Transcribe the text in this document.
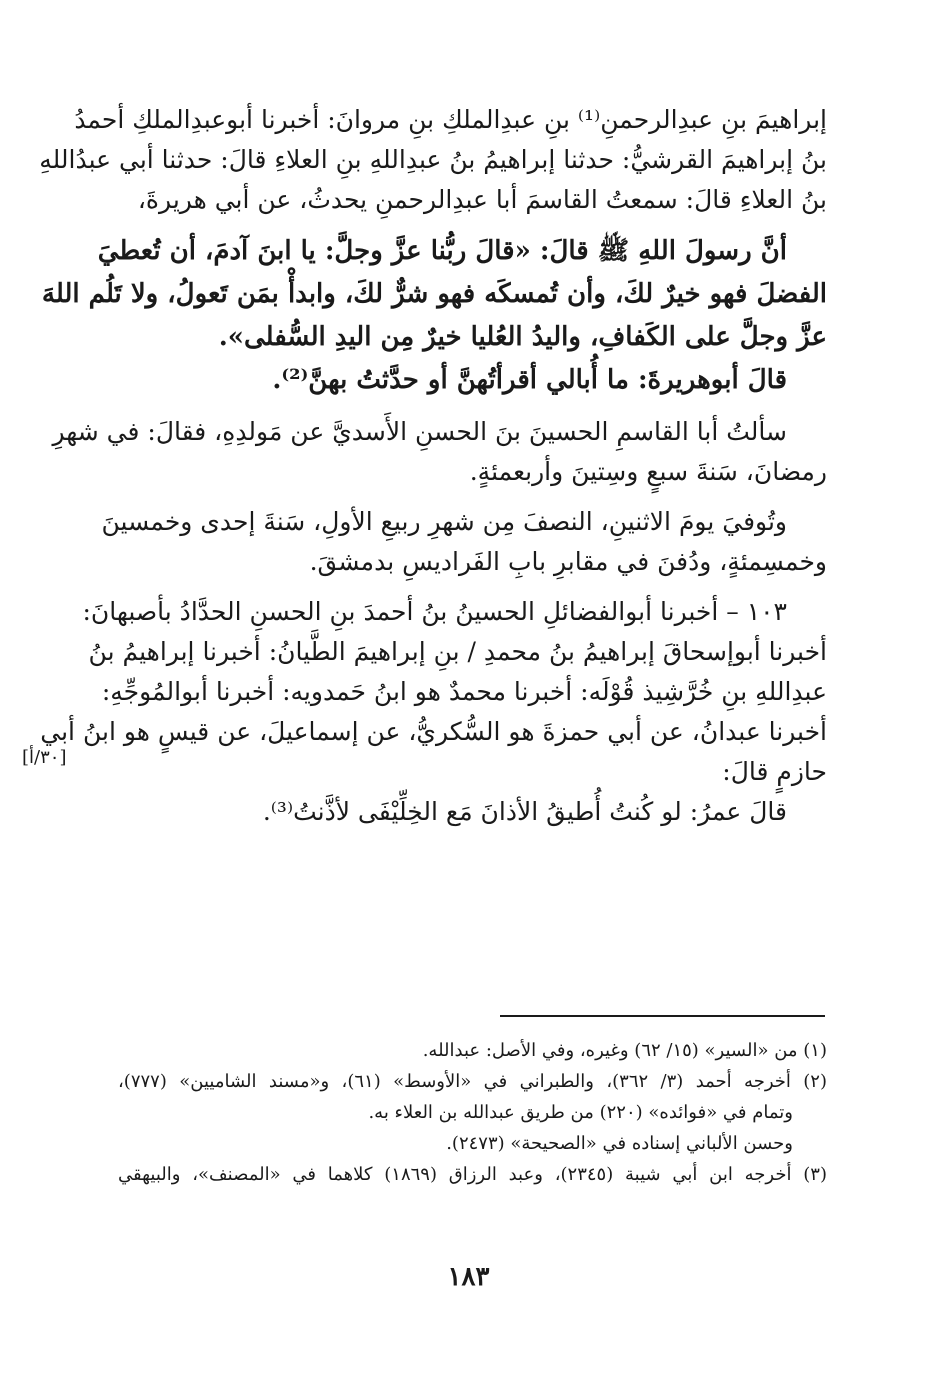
إبراهيمَ بنِ عبدِالرحمنِ⁽¹⁾ بنِ عبدِالملكِ بنِ مروانَ: أخبرنا أبوعبدِالملكِ أحمدُ
بنُ إبراهيمَ القرشيُّ: حدثنا إبراهيمُ بنُ عبدِاللهِ بنِ العلاءِ قالَ: حدثنا أبي عبدُاللهِ
بنُ العلاءِ قالَ: سمعتُ القاسمَ أبا عبدِالرحمنِ يحدثُ، عن أبي هريرةَ،
أنَّ رسولَ اللهِ ﷺ قالَ: «قالَ ربُّنا عزَّ وجلَّ: يا ابنَ آدمَ، أن تُعطيَ
الفضلَ فهو خيرٌ لكَ، وأن تُمسكَه فهو شرٌّ لكَ، وابدأْ بمَن تَعولُ، ولا تَلُم اللهَ
عزَّ وجلَّ على الكَفافِ، واليدُ العُليا خيرٌ مِن اليدِ السُّفلى».
قالَ أبوهريرةَ: ما أُبالي أقرأتُهنَّ أو حدَّثتُ بهنَّ⁽²⁾.
سألتُ أبا القاسمِ الحسينَ بنَ الحسنِ الأَسديَّ عن مَولدِهِ، فقالَ: في شهرِ
رمضانَ، سَنةَ سبعٍ وسِتينَ وأربعمئةٍ.
وتُوفيَ يومَ الاثنينِ، النصفَ مِن شهرِ ربيعِ الأولِ، سَنةَ إحدى وخمسينَ
وخمسِمئةٍ، ودُفنَ في مقابرِ بابِ الفَراديسِ بدمشقَ.
١٠٣ – أخبرنا أبوالفضائلِ الحسينُ بنُ أحمدَ بنِ الحسنِ الحدَّادُ بأصبهانَ:
أخبرنا أبوإسحاقَ إبراهيمُ بنُ محمدِ / بنِ إبراهيمَ الطَّيانُ: أخبرنا إبراهيمُ بنُ
عبدِاللهِ بنِ خُرَّشِيذ قُوْلَه: أخبرنا محمدٌ هو ابنُ حَمدويه: أخبرنا أبوالمُوجِّهِ:
أخبرنا عبدانُ، عن أبي حمزةَ هو السُّكريُّ، عن إسماعيلَ، عن قيسٍ هو ابنُ أبي
حازمٍ قالَ:
قالَ عمرُ: لو كُنتُ أُطيقُ الأذانَ مَع الخِلِّيْفَى لأذَّنتُ⁽³⁾.
[٣٠/أ]
(١) من «السير» (١٥/ ٦٢) وغيره، وفي الأصل: عبدالله.
(٢) أخرجه أحمد (٣/ ٣٦٢)، والطبراني في «الأوسط» (٦١)، و«مسند الشاميين» (٧٧٧)،
وتمام في «فوائده» (٢٢٠) من طريق عبدالله بن العلاء به.
وحسن الألباني إسناده في «الصحيحة» (٢٤٧٣).
(٣) أخرجه ابن أبي شيبة (٢٣٤٥)، وعبد الرزاق (١٨٦٩) كلاهما في «المصنف»، والبيهقي
١٨٣
